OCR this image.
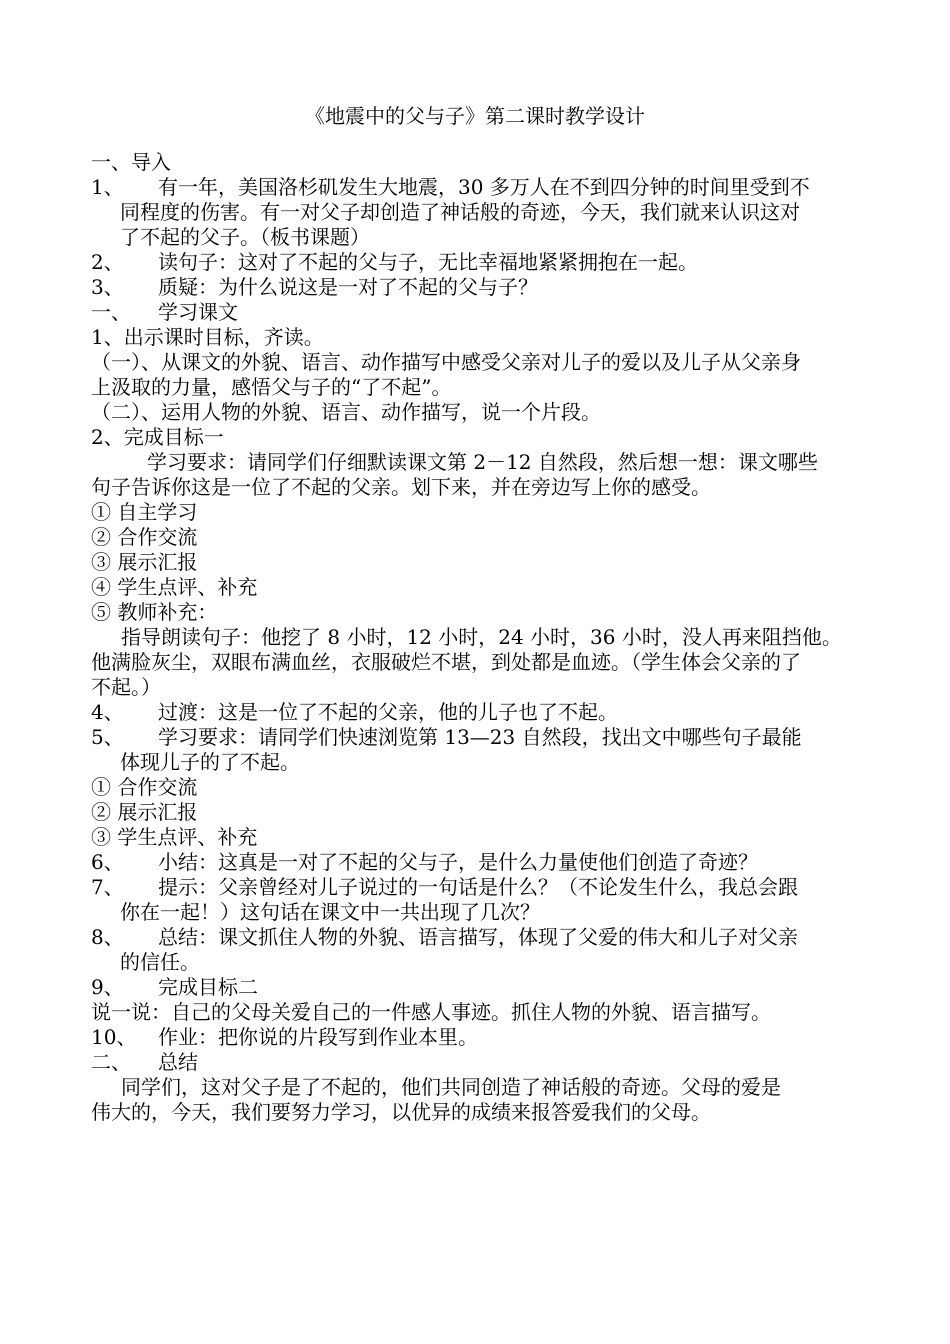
《地震中的父与子》第二课时教学设计
一、导入
1、 有一年，美国洛杉矶发生大地震，30 多万人在不到四分钟的时间里受到不
同程度的伤害。有一对父子却创造了神话般的奇迹，今天，我们就来认识这对
了不起的父子。（板书课题）
2、 读句子：这对了不起的父与子，无比幸福地紧紧拥抱在一起。
3、 质疑：为什么说这是一对了不起的父与子？
一、 学习课文
1、出示课时目标，齐读。
（一）、从课文的外貌、语言、动作描写中感受父亲对儿子的爱以及儿子从父亲身
上汲取的力量，感悟父与子的“了不起”。
（二）、运用人物的外貌、语言、动作描写，说一个片段。
2、完成目标一
学习要求：请同学们仔细默读课文第 2－12 自然段，然后想一想：课文哪些
句子告诉你这是一位了不起的父亲。划下来，并在旁边写上你的感受。
① 自主学习
② 合作交流
③ 展示汇报
④ 学生点评、补充
⑤ 教师补充：
指导朗读句子：他挖了 8 小时，12 小时，24 小时，36 小时，没人再来阻挡他。
他满脸灰尘，双眼布满血丝，衣服破烂不堪，到处都是血迹。（学生体会父亲的了
不起。）
4、 过渡：这是一位了不起的父亲，他的儿子也了不起。
5、 学习要求：请同学们快速浏览第 13—23 自然段，找出文中哪些句子最能
体现儿子的了不起。
① 合作交流
② 展示汇报
③ 学生点评、补充
6、 小结：这真是一对了不起的父与子，是什么力量使他们创造了奇迹？
7、 提示：父亲曾经对儿子说过的一句话是什么？（不论发生什么，我总会跟
你在一起！）这句话在课文中一共出现了几次？
8、 总结：课文抓住人物的外貌、语言描写，体现了父爱的伟大和儿子对父亲
的信任。
9、 完成目标二
说一说：自己的父母关爱自己的一件感人事迹。抓住人物的外貌、语言描写。
10、 作业：把你说的片段写到作业本里。
二、 总结
同学们，这对父子是了不起的，他们共同创造了神话般的奇迹。父母的爱是
伟大的，今天，我们要努力学习，以优异的成绩来报答爱我们的父母。
